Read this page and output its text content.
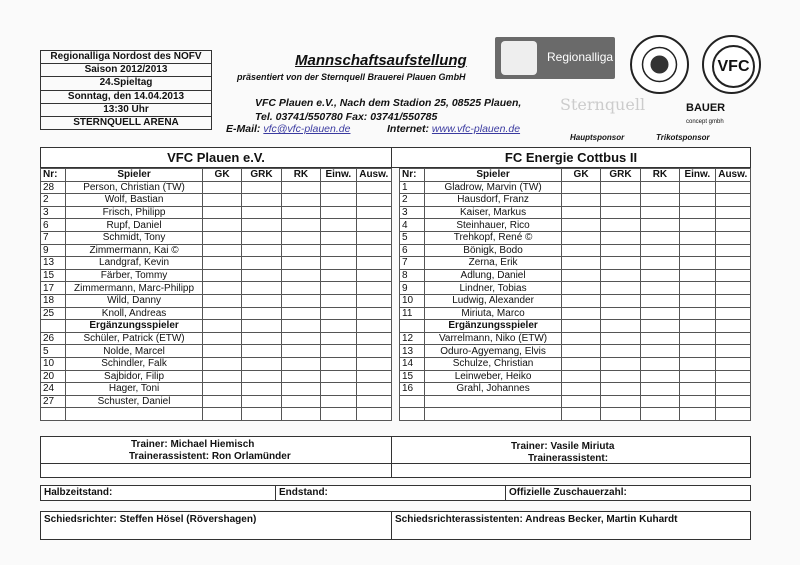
Regionalliga Nordost des NOFV
Saison 2012/2013
24.Spieltag
Sonntag, den 14.04.2013
13:30 Uhr
STERNQUELL ARENA
Mannschaftsaufstellung
präsentiert von der Sternquell Brauerei Plauen GmbH
VFC Plauen e.V., Nach dem Stadion 25, 08525 Plauen,
Tel. 03741/550780 Fax: 03741/550785
E-Mail: vfc@vfc-plauen.de	Internet: www.vfc-plauen.de
Regionalliga
VFC
Sternquell	BAUER
concept gmbh
Hauptsponsor	Trikotsponsor
VFC Plauen e.V.	FC Energie Cottbus II
Nr:	Spieler	GK	GRK	RK	Einw.	Ausw.
28	Person, Christian (TW)					
2	Wolf, Bastian					
3	Frisch, Philipp					
6	Rupf, Daniel					
7	Schmidt, Tony					
9	Zimmermann, Kai ©					
13	Landgraf, Kevin					
15	Färber, Tommy					
17	Zimmermann, Marc-Philipp					
18	Wild, Danny					
25	Knoll, Andreas					
	Ergänzungsspieler					
26	Schüler, Patrick (ETW)					
5	Nolde, Marcel					
10	Schindler, Falk					
20	Sajbidor, Filip					
24	Hager, Toni					
27	Schuster, Daniel					

Nr:	Spieler	GK	GRK	RK	Einw.	Ausw.
1	Gladrow, Marvin (TW)					
2	Hausdorf, Franz					
3	Kaiser, Markus					
4	Steinhauer, Rico					
5	Trehkopf, René ©					
6	Bönigk, Bodo					
7	Zerna, Erik					
8	Adlung, Daniel					
9	Lindner, Tobias					
10	Ludwig, Alexander					
11	Miriuta, Marco					
	Ergänzungsspieler					
12	Varrelmann, Niko (ETW)					
13	Oduro-Agyemang, Elvis					
14	Schulze, Christian					
15	Leinweber, Heiko					
16	Grahl, Johannes					

Trainer: Michael Hiemisch
Trainerassistent: Ron Orlamünder
Trainer: Vasile Miriuta
Trainerassistent:
Halbzeitstand:	Endstand:	Offizielle Zuschauerzahl:
Schiedsrichter: Steffen Hösel (Rövershagen)	Schiedsrichterassistenten: Andreas Becker, Martin Kuhardt
